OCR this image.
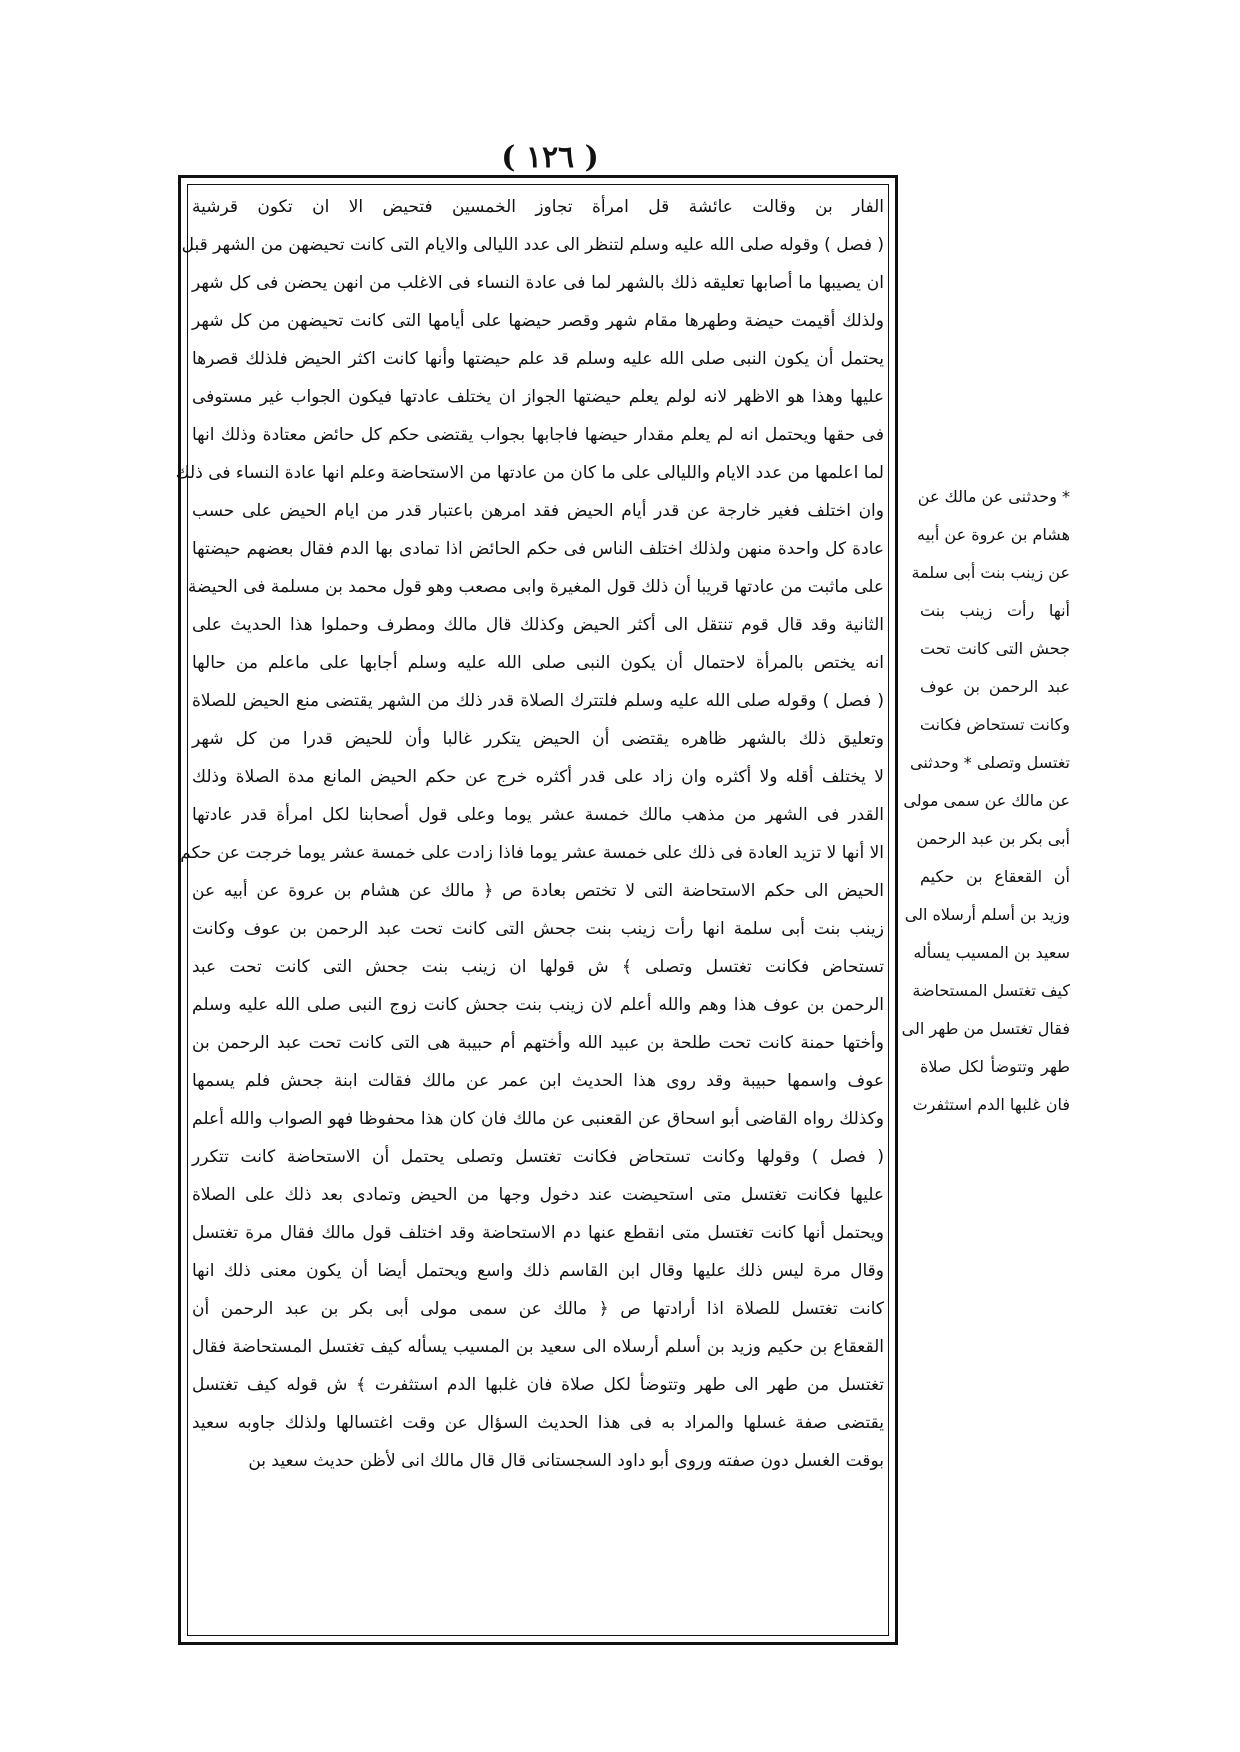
( ١٢٦ )
الفار بن وقالت عائشة قل امرأة تجاوز الخمسين فتحيض الا ان تكون قرشية
( فصل ) وقوله صلى الله عليه وسلم لتنظر الى عدد الليالى والايام التى كانت تحيضهن من الشهر قبل
ان يصيبها ما أصابها تعليقه ذلك بالشهر لما فى عادة النساء فى الاغلب من انهن يحضن فى كل شهر
ولذلك أقيمت حيضة وطهرها مقام شهر وقصر حيضها على أيامها التى كانت تحيضهن من كل شهر
يحتمل أن يكون النبى صلى الله عليه وسلم قد علم حيضتها وأنها كانت اكثر الحيض فلذلك قصرها
عليها وهذا هو الاظهر لانه لولم يعلم حيضتها الجواز ان يختلف عادتها فيكون الجواب غير مستوفى
فى حقها ويحتمل انه لم يعلم مقدار حيضها فاجابها بجواب يقتضى حكم كل حائض معتادة وذلك انها
لما اعلمها من عدد الايام والليالى على ما كان من عادتها من الاستحاضة وعلم انها عادة النساء فى ذلك
وان اختلف فغير خارجة عن قدر أيام الحيض فقد امرهن باعتبار قدر من ايام الحيض على حسب
عادة كل واحدة منهن ولذلك اختلف الناس فى حكم الحائض اذا تمادى بها الدم فقال بعضهم حيضتها
على ماثبت من عادتها قريبا أن ذلك قول المغيرة وابى مصعب وهو قول محمد بن مسلمة فى الحيضة
الثانية وقد قال قوم تنتقل الى أكثر الحيض وكذلك قال مالك ومطرف وحملوا هذا الحديث على
انه يختص بالمرأة لاحتمال أن يكون النبى صلى الله عليه وسلم أجابها على ماعلم من حالها
( فصل ) وقوله صلى الله عليه وسلم فلتترك الصلاة قدر ذلك من الشهر يقتضى منع الحيض للصلاة
وتعليق ذلك بالشهر ظاهره يقتضى أن الحيض يتكرر غالبا وأن للحيض قدرا من كل شهر
لا يختلف أقله ولا أكثره وان زاد على قدر أكثره خرج عن حكم الحيض المانع مدة الصلاة وذلك
القدر فى الشهر من مذهب مالك خمسة عشر يوما وعلى قول أصحابنا لكل امرأة قدر عادتها
الا أنها لا تزيد العادة فى ذلك على خمسة عشر يوما فاذا زادت على خمسة عشر يوما خرجت عن حكم
الحيض الى حكم الاستحاضة التى لا تختص بعادة ص ﴿ مالك عن هشام بن عروة عن أبيه عن
زينب بنت أبى سلمة انها رأت زينب بنت جحش التى كانت تحت عبد الرحمن بن عوف وكانت
تستحاض فكانت تغتسل وتصلى ﴾ ش قولها ان زينب بنت جحش التى كانت تحت عبد
الرحمن بن عوف هذا وهم والله أعلم لان زينب بنت جحش كانت زوج النبى صلى الله عليه وسلم
وأختها حمنة كانت تحت طلحة بن عبيد الله وأختهم أم حبيبة هى التى كانت تحت عبد الرحمن بن
عوف واسمها حبيبة وقد روى هذا الحديث ابن عمر عن مالك فقالت ابنة جحش فلم يسمها
وكذلك رواه القاضى أبو اسحاق عن القعنبى عن مالك فان كان هذا محفوظا فهو الصواب والله أعلم
( فصل ) وقولها وكانت تستحاض فكانت تغتسل وتصلى يحتمل أن الاستحاضة كانت تتكرر
عليها فكانت تغتسل متى استحيضت عند دخول وجها من الحيض وتمادى بعد ذلك على الصلاة
ويحتمل أنها كانت تغتسل متى انقطع عنها دم الاستحاضة وقد اختلف قول مالك فقال مرة تغتسل
وقال مرة ليس ذلك عليها وقال ابن القاسم ذلك واسع ويحتمل أيضا أن يكون معنى ذلك انها
كانت تغتسل للصلاة اذا أرادتها ص ﴿ مالك عن سمى مولى أبى بكر بن عبد الرحمن أن
القعقاع بن حكيم وزيد بن أسلم أرسلاه الى سعيد بن المسيب يسأله كيف تغتسل المستحاضة فقال
تغتسل من طهر الى طهر وتتوضأ لكل صلاة فان غلبها الدم استثفرت ﴾ ش قوله كيف تغتسل
يقتضى صفة غسلها والمراد به فى هذا الحديث السؤال عن وقت اغتسالها ولذلك جاوبه سعيد
بوقت الغسل دون صفته وروى أبو داود السجستانى قال قال مالك انى لأظن حديث سعيد بن
* وحدثنى عن مالك عن
هشام بن عروة عن أبيه
عن زينب بنت أبى سلمة
أنها رأت زينب بنت
جحش التى كانت تحت
عبد الرحمن بن عوف
وكانت تستحاض فكانت
تغتسل وتصلى * وحدثنى
عن مالك عن سمى مولى
أبى بكر بن عبد الرحمن
أن القعقاع بن حكيم
وزيد بن أسلم أرسلاه الى
سعيد بن المسيب يسأله
كيف تغتسل المستحاضة
فقال تغتسل من طهر الى
طهر وتتوضأ لكل صلاة
فان غلبها الدم استثفرت
